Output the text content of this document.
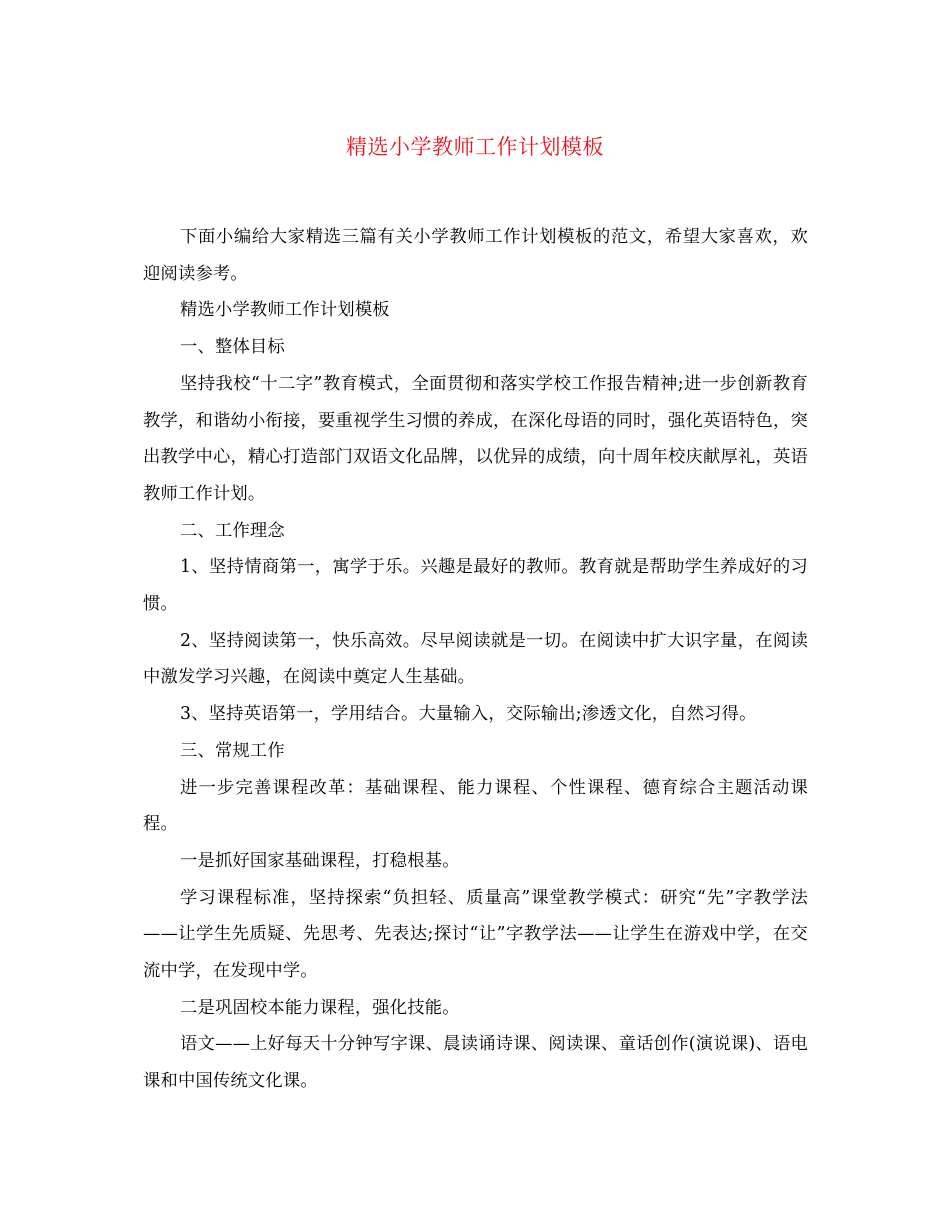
精选小学教师工作计划模板

下面小编给大家精选三篇有关小学教师工作计划模板的范文，希望大家喜欢，欢迎阅读参考。

精选小学教师工作计划模板

一、整体目标

坚持我校“十二字”教育模式，全面贯彻和落实学校工作报告精神;进一步创新教育教学，和谐幼小衔接，要重视学生习惯的养成，在深化母语的同时，强化英语特色，突出教学中心，精心打造部门双语文化品牌，以优异的成绩，向十周年校庆献厚礼，英语教师工作计划。

二、工作理念

1、坚持情商第一，寓学于乐。兴趣是最好的教师。教育就是帮助学生养成好的习惯。

2、坚持阅读第一，快乐高效。尽早阅读就是一切。在阅读中扩大识字量，在阅读中激发学习兴趣，在阅读中奠定人生基础。

3、坚持英语第一，学用结合。大量输入，交际输出;渗透文化，自然习得。

三、常规工作

进一步完善课程改革：基础课程、能力课程、个性课程、德育综合主题活动课程。

一是抓好国家基础课程，打稳根基。

学习课程标准，坚持探索“负担轻、质量高”课堂教学模式：研究“先”字教学法——让学生先质疑、先思考、先表达;探讨“让”字教学法——让学生在游戏中学，在交流中学，在发现中学。

二是巩固校本能力课程，强化技能。

语文——上好每天十分钟写字课、晨读诵诗课、阅读课、童话创作(演说课)、语电课和中国传统文化课。
